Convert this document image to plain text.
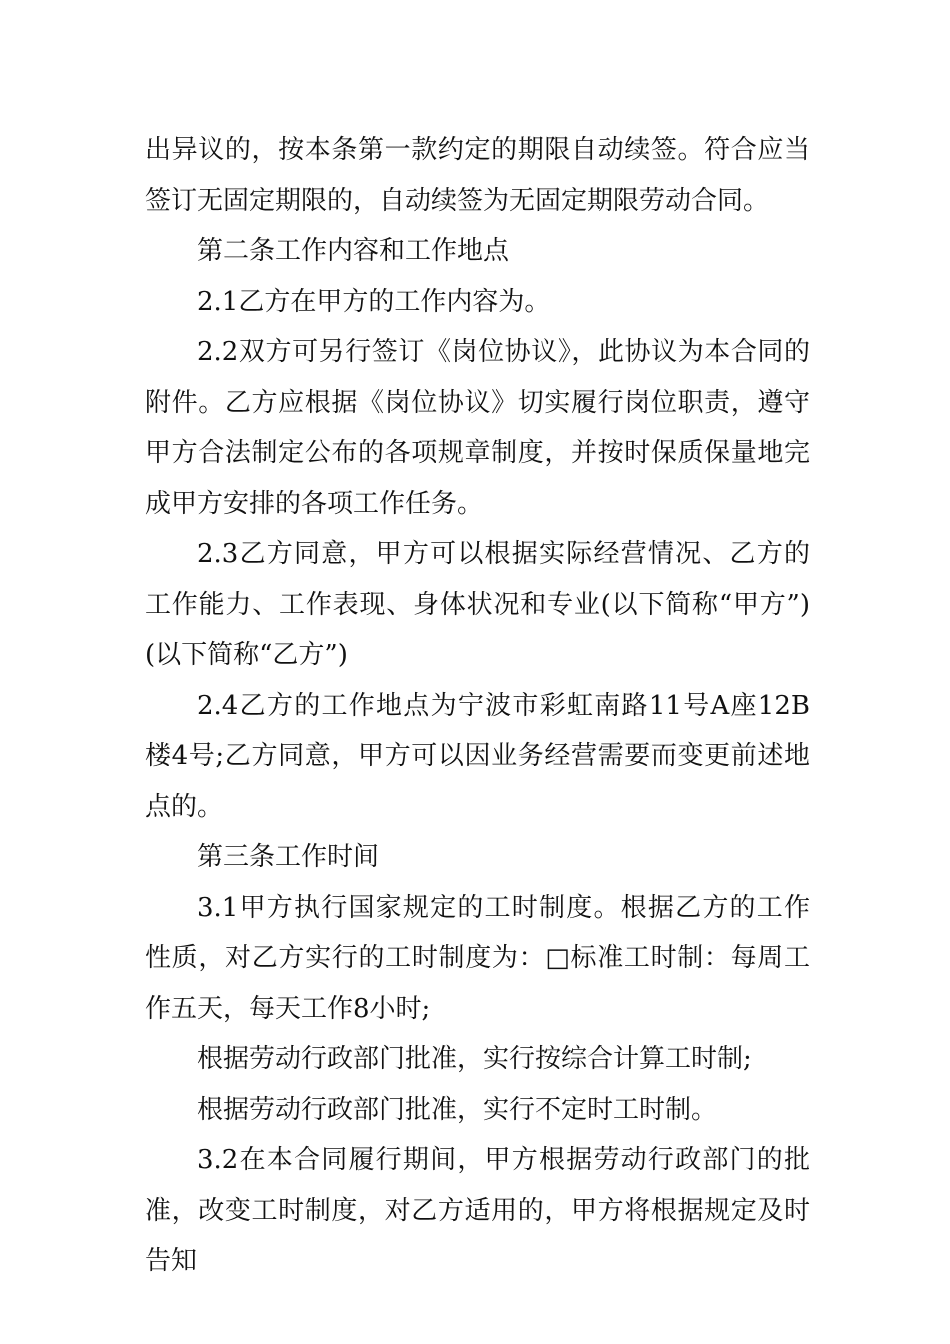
出异议的，按本条第一款约定的期限自动续签。符合应当签订无固定期限的，自动续签为无固定期限劳动合同。

第二条工作内容和工作地点

2.1乙方在甲方的工作内容为。

2.2双方可另行签订《岗位协议》，此协议为本合同的附件。乙方应根据《岗位协议》切实履行岗位职责，遵守甲方合法制定公布的各项规章制度，并按时保质保量地完成甲方安排的各项工作任务。

2.3乙方同意，甲方可以根据实际经营情况、乙方的工作能力、工作表现、身体状况和专业(以下简称“甲方”)(以下简称“乙方”)

2.4乙方的工作地点为宁波市彩虹南路11号A座12B楼4号;乙方同意，甲方可以因业务经营需要而变更前述地点的。

第三条工作时间

3.1甲方执行国家规定的工时制度。根据乙方的工作性质，对乙方实行的工时制度为：□标准工时制：每周工作五天，每天工作8小时;

根据劳动行政部门批准，实行按综合计算工时制;

根据劳动行政部门批准，实行不定时工时制。

3.2在本合同履行期间，甲方根据劳动行政部门的批准，改变工时制度，对乙方适用的，甲方将根据规定及时告知
